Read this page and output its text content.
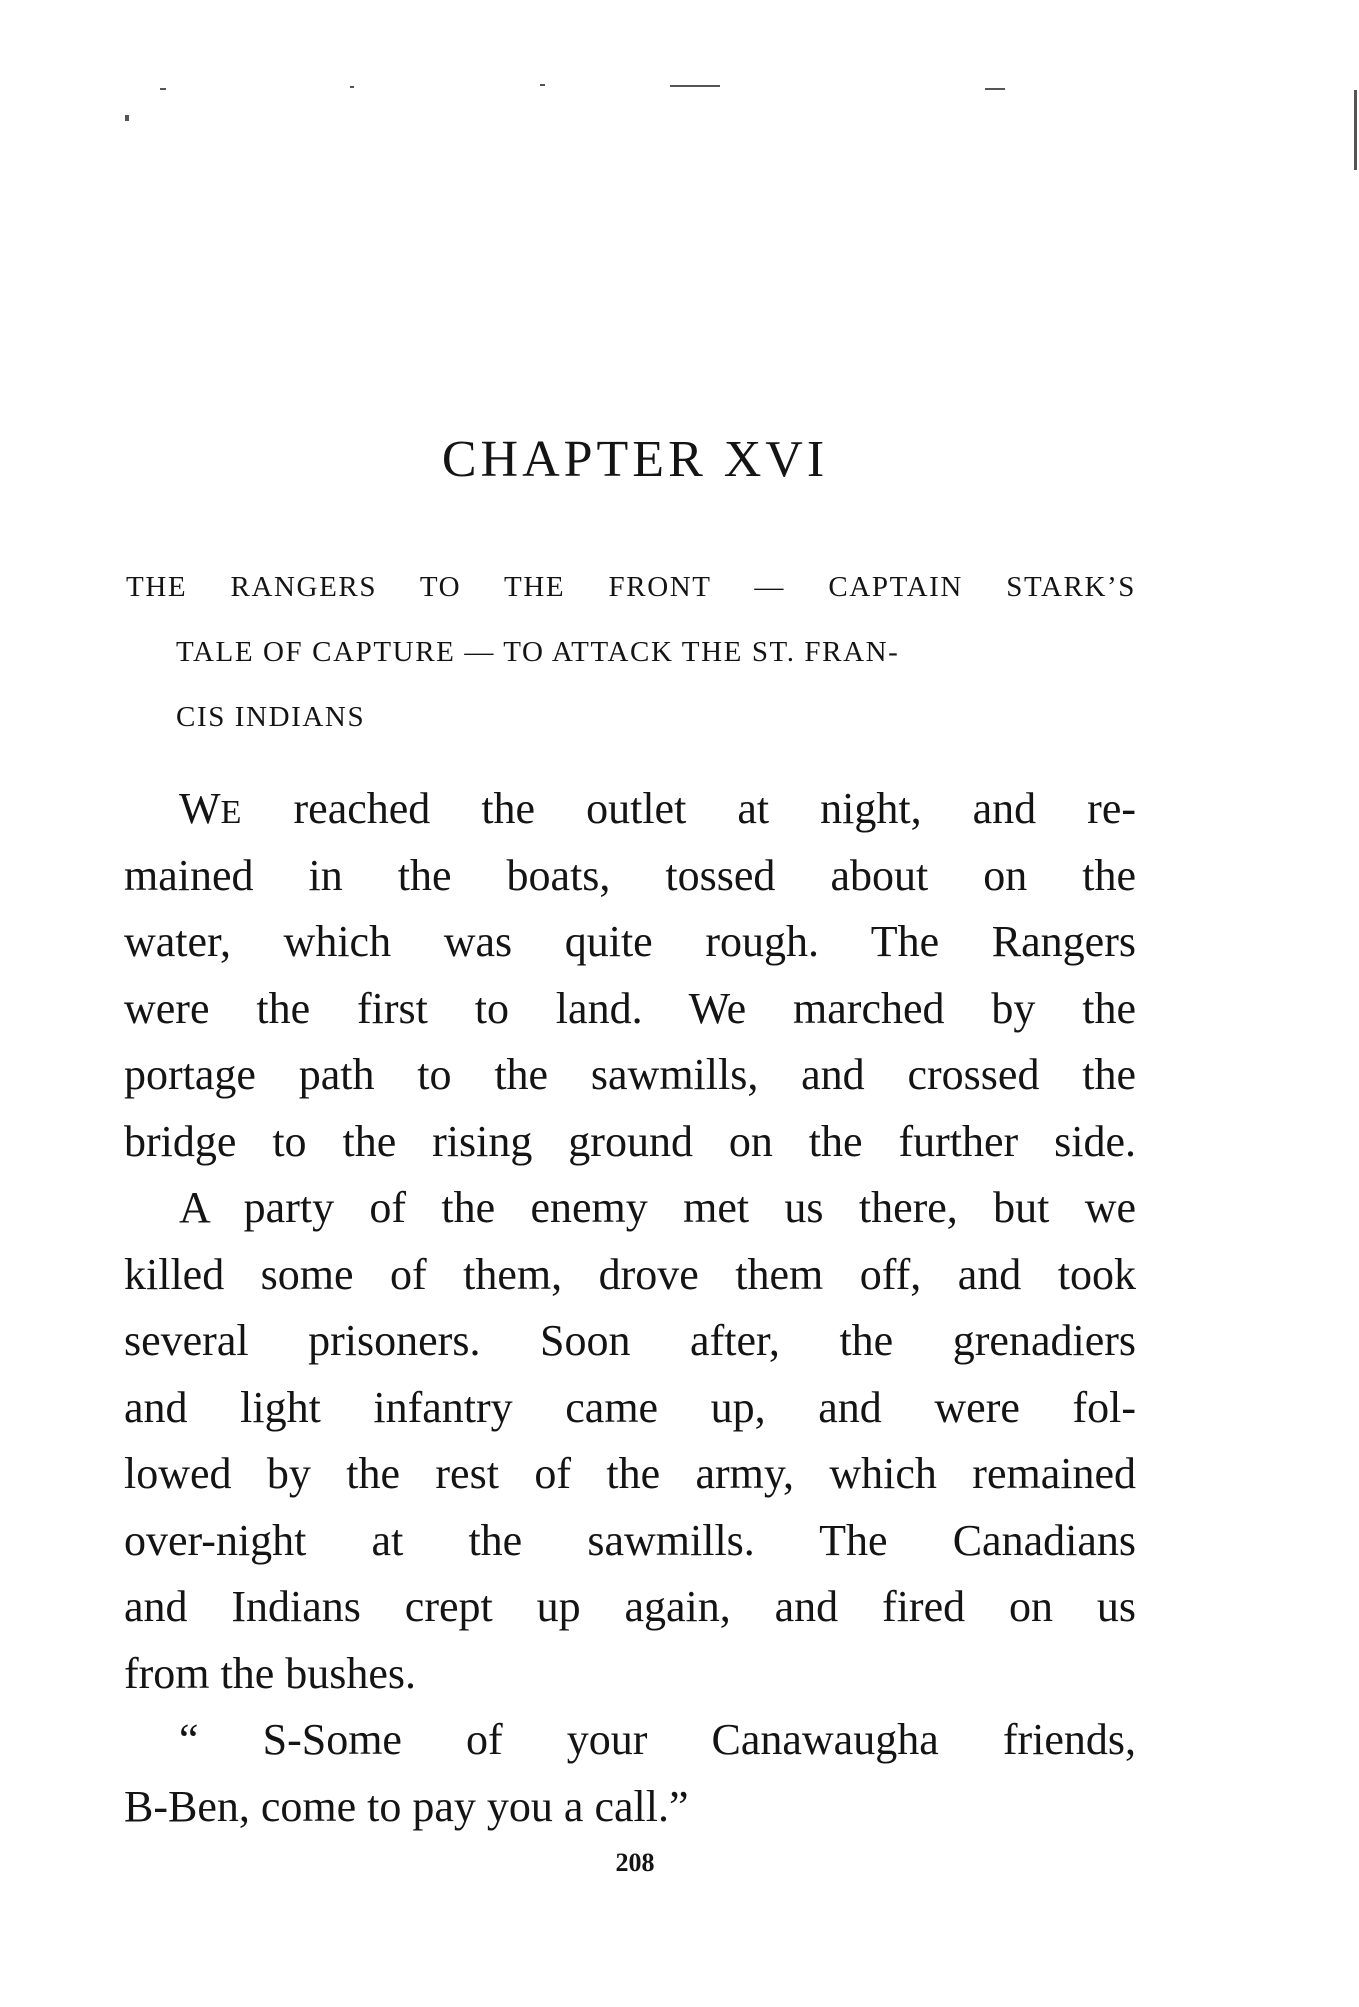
CHAPTER XVI

THE RANGERS TO THE FRONT — CAPTAIN STARK’S
TALE OF CAPTURE — TO ATTACK THE ST. FRAN-
CIS INDIANS

WE reached the outlet at night, and re-
mained in the boats, tossed about on the
water, which was quite rough. The Rangers
were the first to land. We marched by the
portage path to the sawmills, and crossed the
bridge to the rising ground on the further side.
A party of the enemy met us there, but we
killed some of them, drove them off, and took
several prisoners. Soon after, the grenadiers
and light infantry came up, and were fol-
lowed by the rest of the army, which remained
over-night at the sawmills. The Canadians
and Indians crept up again, and fired on us
from the bushes.
“ S-Some of your Canawaugha friends,
B-Ben, come to pay you a call.”
208
